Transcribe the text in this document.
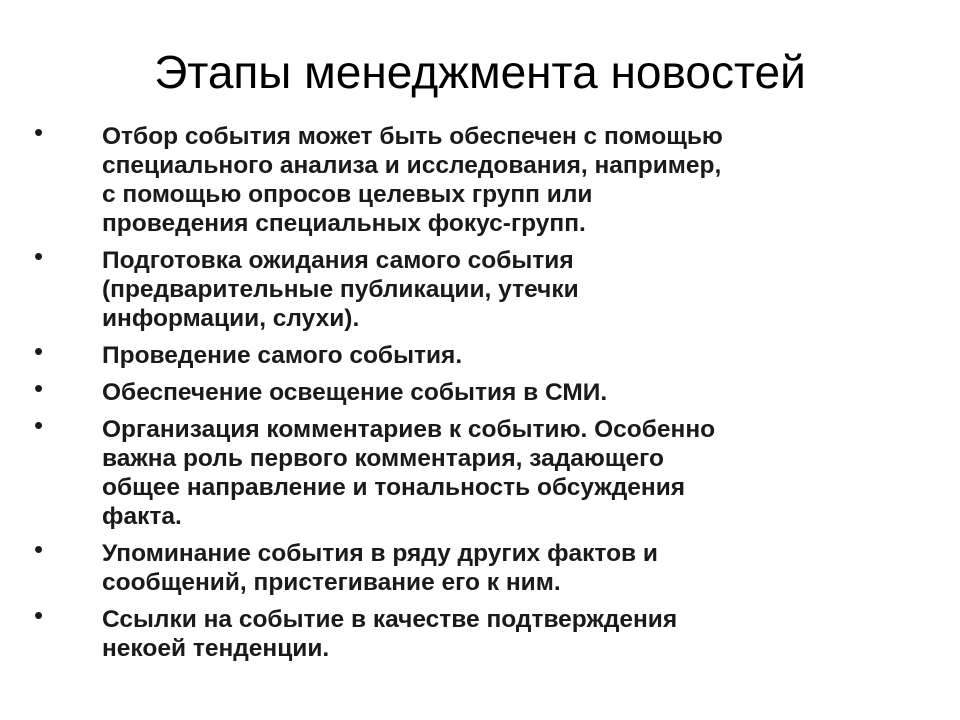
Этапы менеджмента новостей
• Отбор события может быть обеспечен с помощью
специального анализа и исследования, например,
с помощью опросов целевых групп или
проведения специальных фокус-групп.
• Подготовка ожидания самого события
(предварительные публикации, утечки
информации, слухи).
• Проведение самого события.
• Обеспечение освещение события в СМИ.
• Организация комментариев к событию. Особенно
важна роль первого комментария, задающего
общее направление и тональность обсуждения
факта.
• Упоминание события в ряду других фактов и
сообщений, пристегивание его к ним.
• Ссылки на событие в качестве подтверждения
некоей тенденции.
